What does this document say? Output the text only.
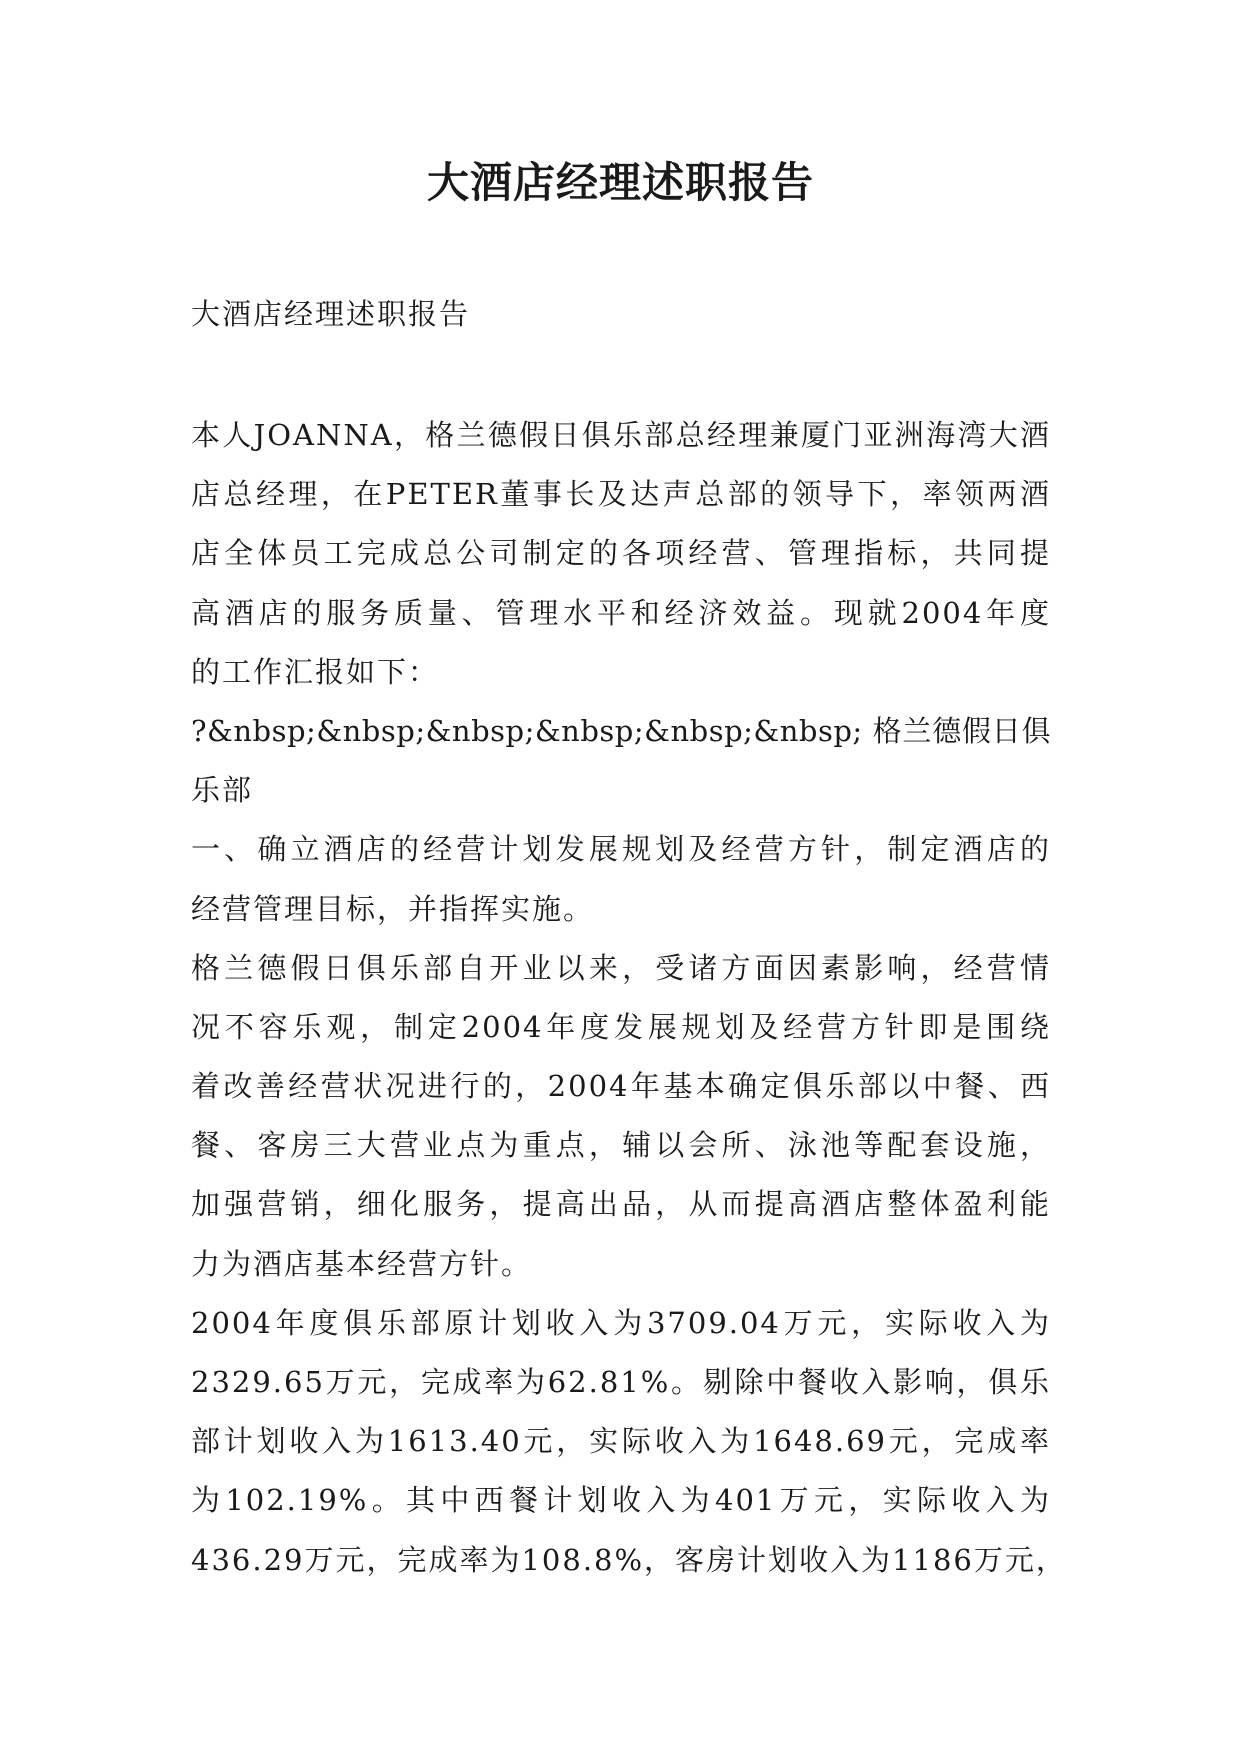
大酒店经理述职报告

大酒店经理述职报告

本人JOANNA，格兰德假日俱乐部总经理兼厦门亚洲海湾大酒
店总经理，在PETER董事长及达声总部的领导下，率领两酒
店全体员工完成总公司制定的各项经营、管理指标，共同提
高酒店的服务质量、管理水平和经济效益。现就2004年度
的工作汇报如下：
?&nbsp;&nbsp;&nbsp;&nbsp;&nbsp;&nbsp; 格兰德假日俱
乐部
一、确立酒店的经营计划发展规划及经营方针，制定酒店的
经营管理目标，并指挥实施。
格兰德假日俱乐部自开业以来，受诸方面因素影响，经营情
况不容乐观，制定2004年度发展规划及经营方针即是围绕
着改善经营状况进行的，2004年基本确定俱乐部以中餐、西
餐、客房三大营业点为重点，辅以会所、泳池等配套设施，
加强营销，细化服务，提高出品，从而提高酒店整体盈利能
力为酒店基本经营方针。
2004年度俱乐部原计划收入为3709.04万元，实际收入为
2329.65万元，完成率为62.81%。剔除中餐收入影响，俱乐
部计划收入为1613.40元，实际收入为1648.69元，完成率
为102.19%。其中西餐计划收入为401万元，实际收入为
436.29万元，完成率为108.8%，客房计划收入为1186万元，
